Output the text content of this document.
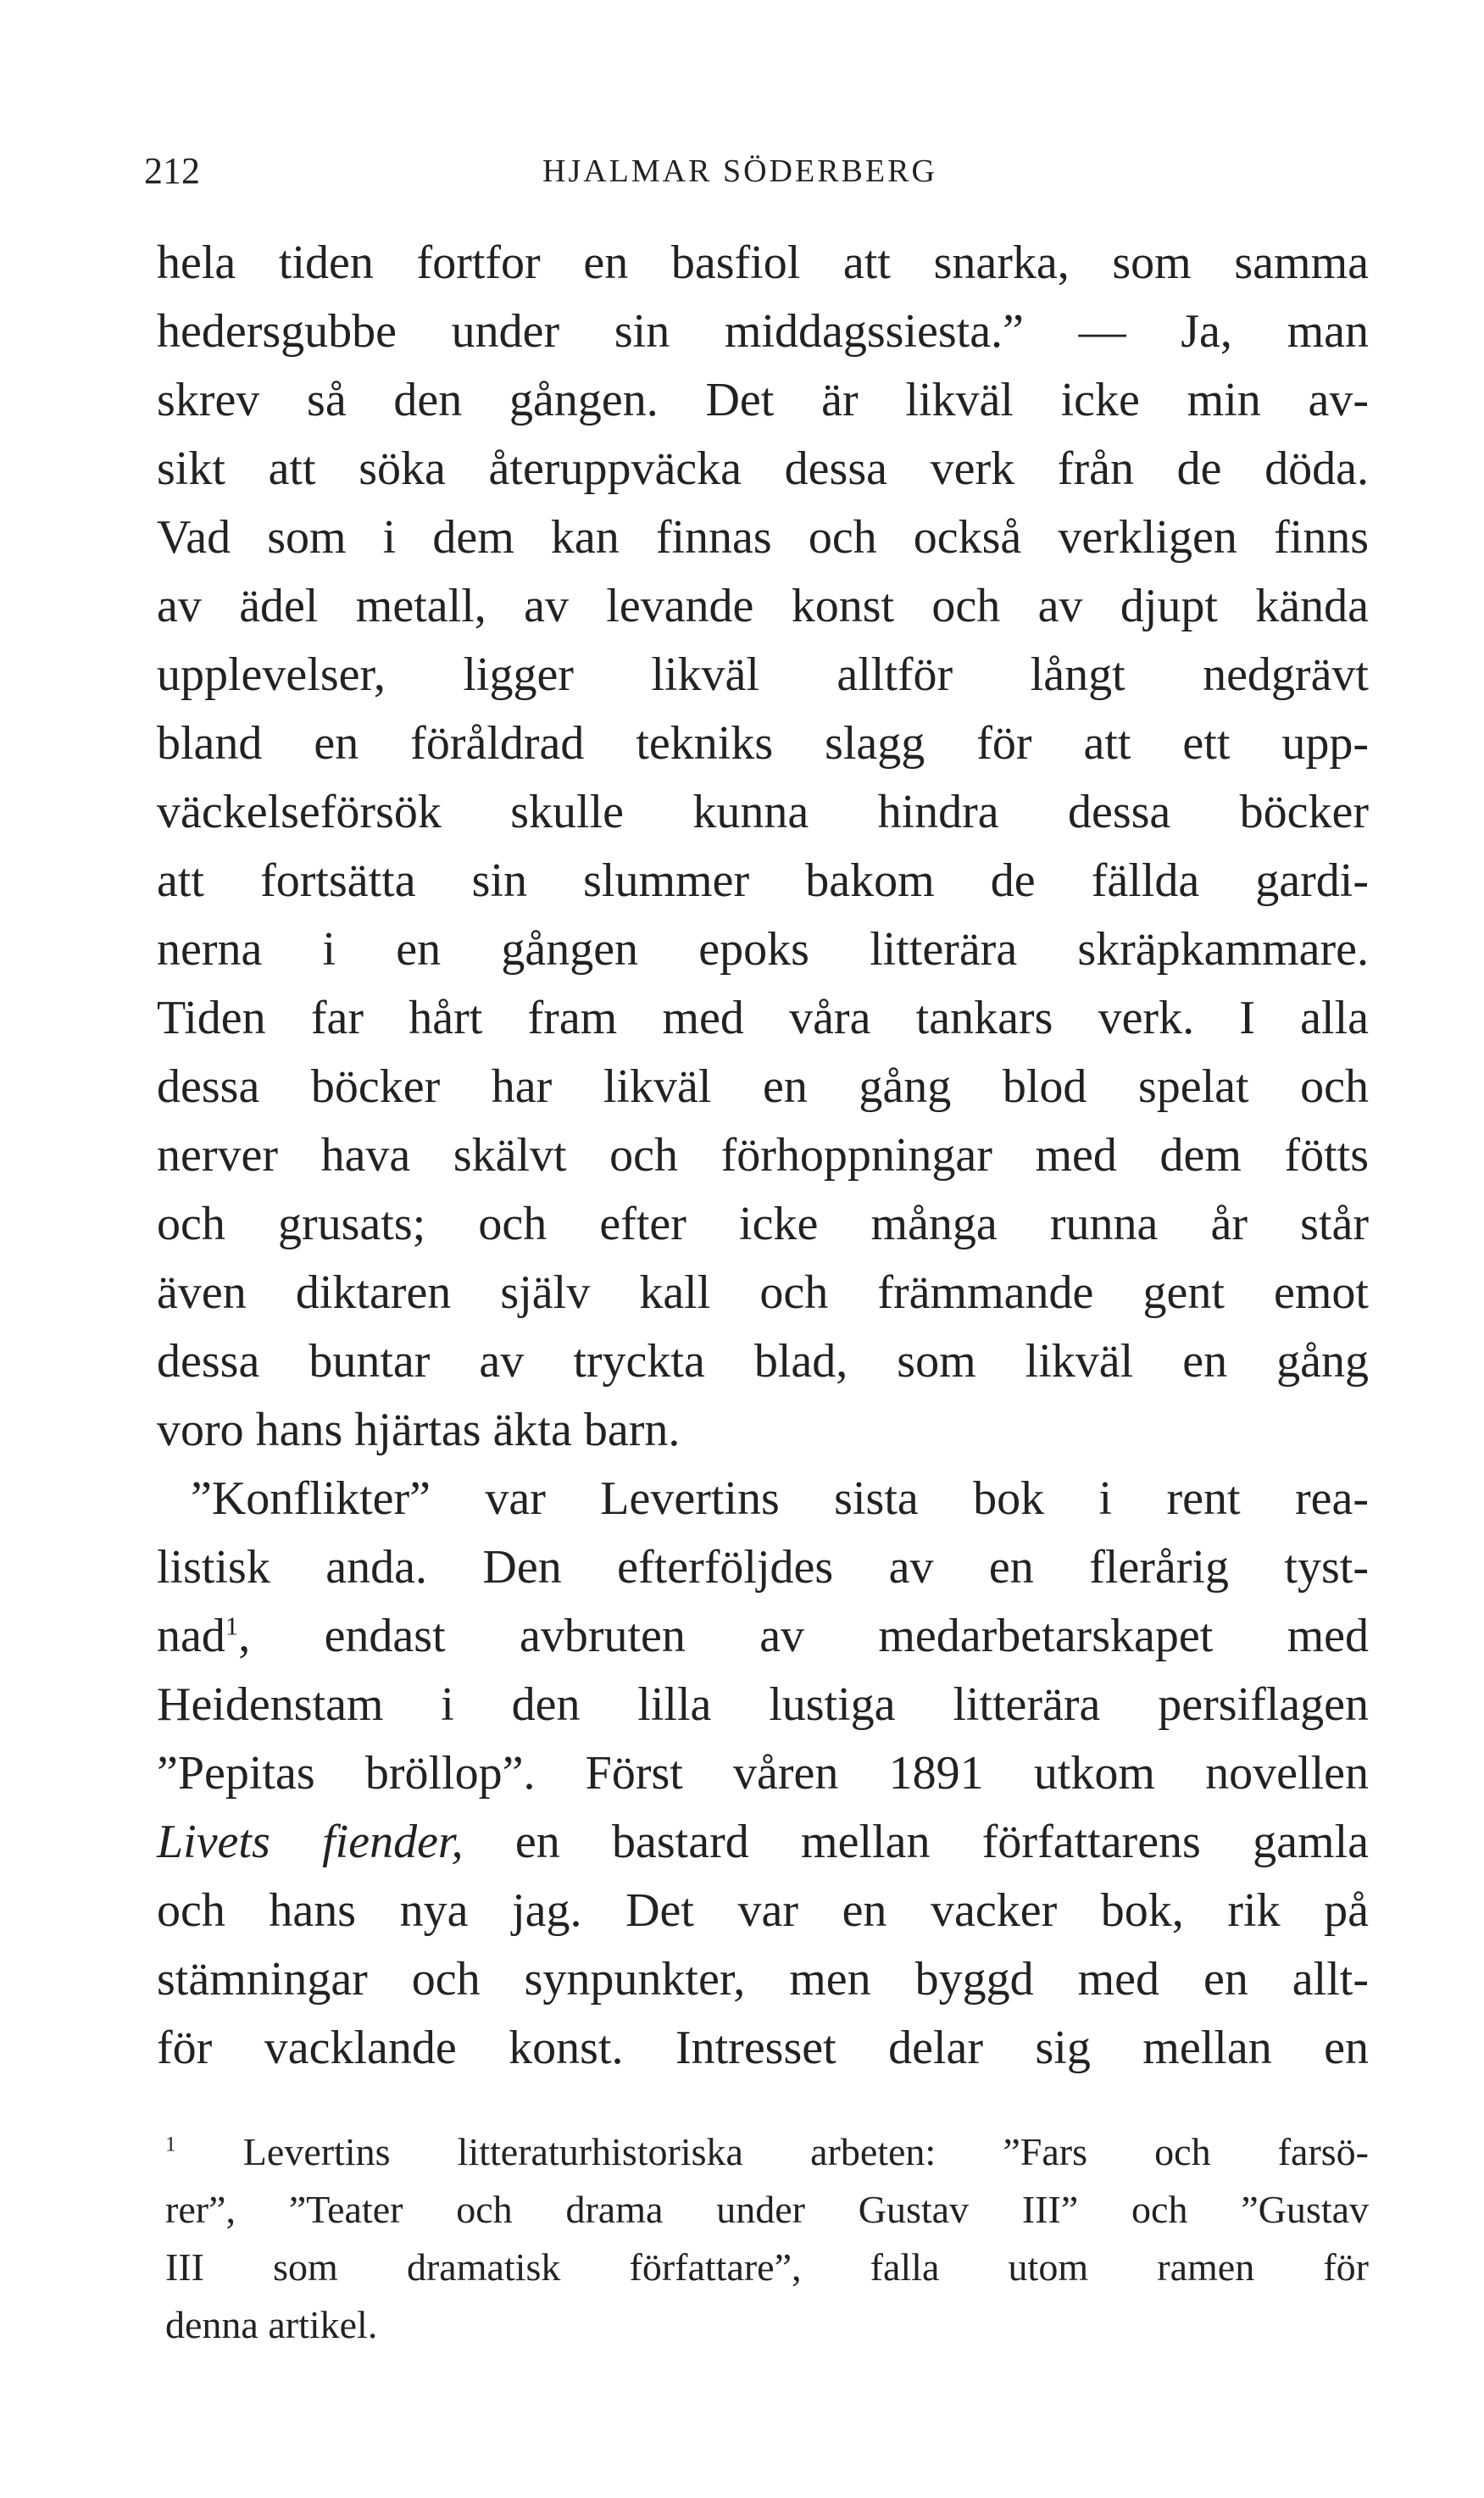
212	HJALMAR SÖDERBERG
hela tiden fortfor en basfiol att snarka, som samma
hedersgubbe under sin middagssiesta.” — Ja, man
skrev så den gången. Det är likväl icke min av-
sikt att söka återuppväcka dessa verk från de döda.
Vad som i dem kan finnas och också verkligen finns
av ädel metall, av levande konst och av djupt kända
upplevelser, ligger likväl alltför långt nedgrävt
bland en föråldrad tekniks slagg för att ett upp-
väckelseförsök skulle kunna hindra dessa böcker
att fortsätta sin slummer bakom de fällda gardi-
nerna i en gången epoks litterära skräpkammare.
Tiden far hårt fram med våra tankars verk. I alla
dessa böcker har likväl en gång blod spelat och
nerver hava skälvt och förhoppningar med dem fötts
och grusats; och efter icke många runna år står
även diktaren själv kall och främmande gent emot
dessa buntar av tryckta blad, som likväl en gång
voro hans hjärtas äkta barn.
”Konflikter” var Levertins sista bok i rent rea-
listisk anda. Den efterföljdes av en flerårig tyst-
nad$^1$, endast avbruten av medarbetarskapet med
Heidenstam i den lilla lustiga litterära persiflagen
”Pepitas bröllop”. Först våren 1891 utkom novellen
Livets fiender, en bastard mellan författarens gamla
och hans nya jag. Det var en vacker bok, rik på
stämningar och synpunkter, men byggd med en allt-
för vacklande konst. Intresset delar sig mellan en
$^1$ Levertins litteraturhistoriska arbeten: ”Fars och farsö-
rer”, ”Teater och drama under Gustav III” och ”Gustav
III som dramatisk författare”, falla utom ramen för
denna artikel.
